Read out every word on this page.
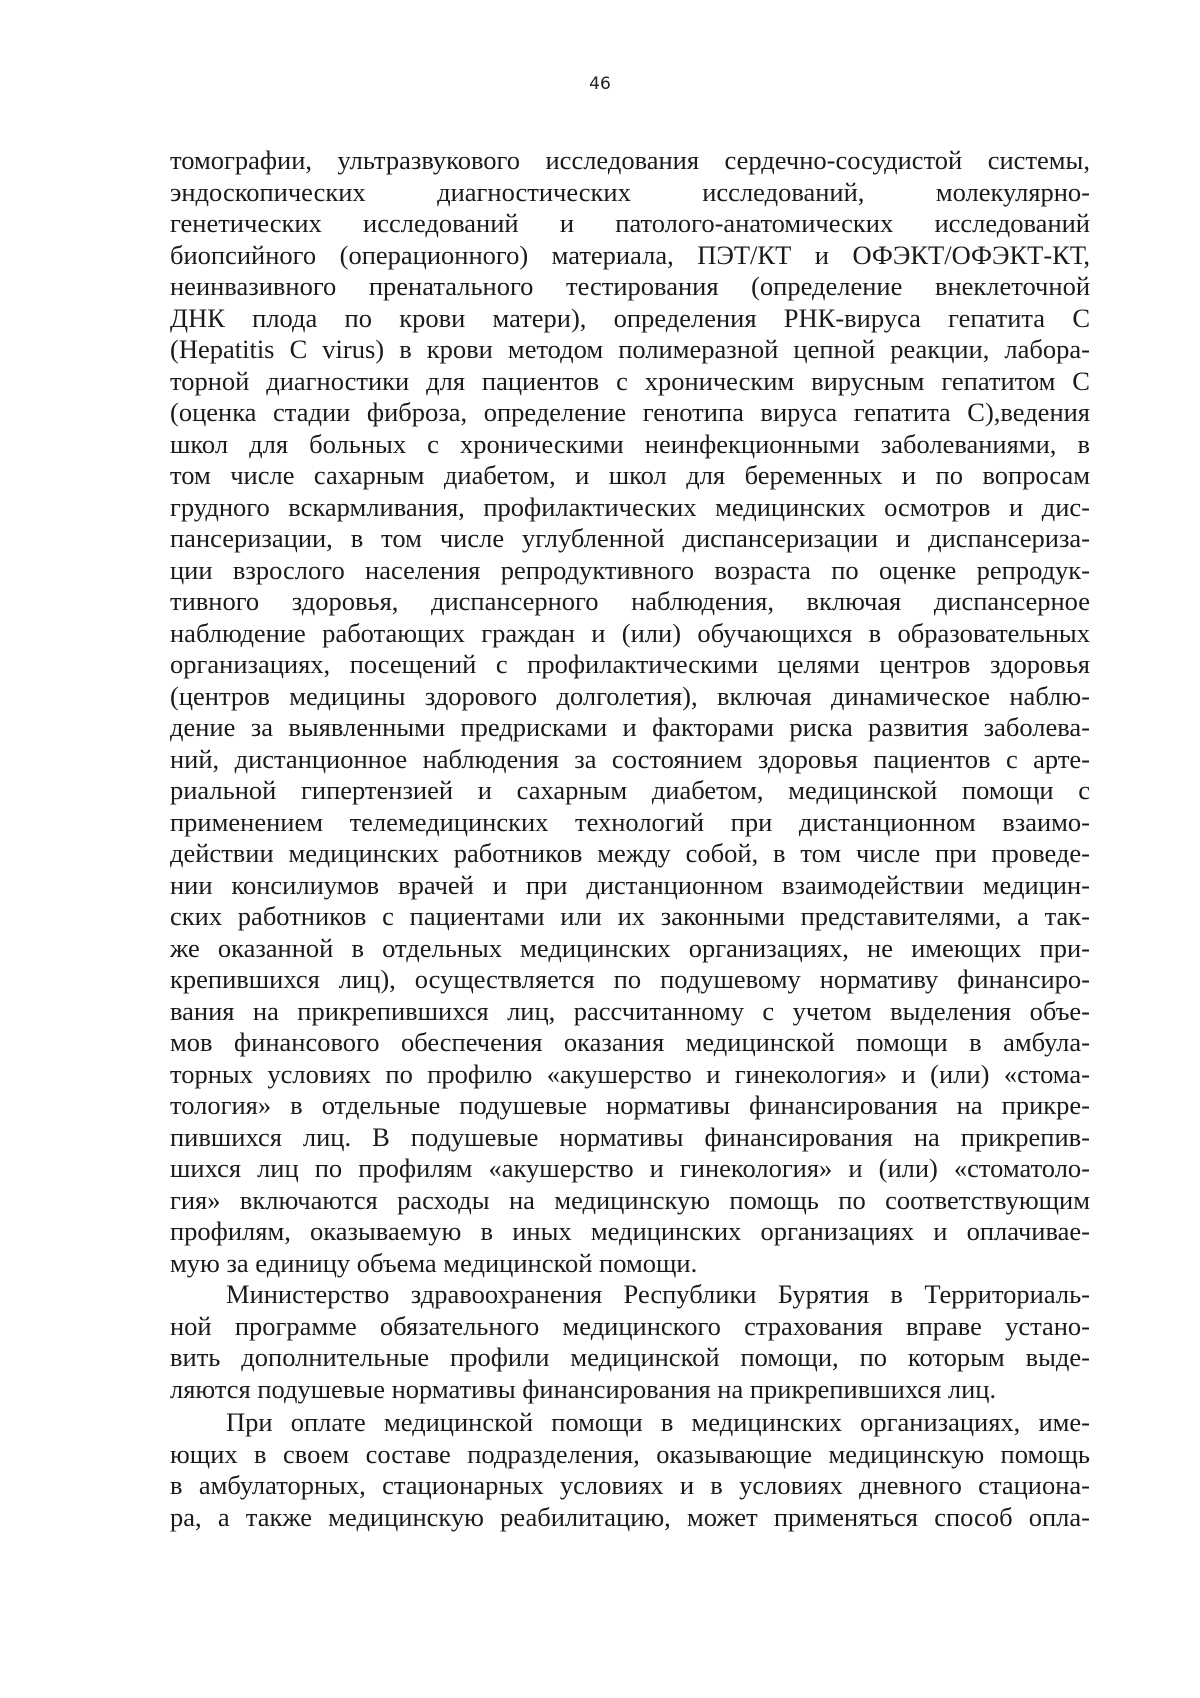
46
томографии, ультразвукового исследования сердечно-сосудистой системы,
эндоскопических диагностических исследований, молекулярно-
генетических исследований и патолого-анатомических исследований
биопсийного (операционного) материала, ПЭТ/КТ и ОФЭКТ/ОФЭКТ-КТ,
неинвазивного пренатального тестирования (определение внеклеточной
ДНК плода по крови матери), определения РНК-вируса гепатита С
(Hepatitis C virus) в крови методом полимеразной цепной реакции, лабора-
торной диагностики для пациентов с хроническим вирусным гепатитом С
(оценка стадии фиброза, определение генотипа вируса гепатита С),ведения
школ для больных с хроническими неинфекционными заболеваниями, в
том числе сахарным диабетом, и школ для беременных и по вопросам
грудного вскармливания, профилактических медицинских осмотров и дис-
пансеризации, в том числе углубленной диспансеризации и диспансериза-
ции взрослого населения репродуктивного возраста по оценке репродук-
тивного здоровья, диспансерного наблюдения, включая диспансерное
наблюдение работающих граждан и (или) обучающихся в образовательных
организациях, посещений с профилактическими целями центров здоровья
(центров медицины здорового долголетия), включая динамическое наблю-
дение за выявленными предрисками и факторами риска развития заболева-
ний, дистанционное наблюдения за состоянием здоровья пациентов с арте-
риальной гипертензией и сахарным диабетом, медицинской помощи с
применением телемедицинских технологий при дистанционном взаимо-
действии медицинских работников между собой, в том числе при проведе-
нии консилиумов врачей и при дистанционном взаимодействии медицин-
ских работников с пациентами или их законными представителями, а так-
же оказанной в отдельных медицинских организациях, не имеющих при-
крепившихся лиц), осуществляется по подушевому нормативу финансиро-
вания на прикрепившихся лиц, рассчитанному с учетом выделения объе-
мов финансового обеспечения оказания медицинской помощи в амбула-
торных условиях по профилю «акушерство и гинекология» и (или) «стома-
тология» в отдельные подушевые нормативы финансирования на прикре-
пившихся лиц. В подушевые нормативы финансирования на прикрепив-
шихся лиц по профилям «акушерство и гинекология» и (или) «стоматоло-
гия» включаются расходы на медицинскую помощь по соответствующим
профилям, оказываемую в иных медицинских организациях и оплачивае-
мую за единицу объема медицинской помощи.
Министерство здравоохранения Республики Бурятия в Территориаль-
ной программе обязательного медицинского страхования вправе устано-
вить дополнительные профили медицинской помощи, по которым выде-
ляются подушевые нормативы финансирования на прикрепившихся лиц.
При оплате медицинской помощи в медицинских организациях, име-
ющих в своем составе подразделения, оказывающие медицинскую помощь
в амбулаторных, стационарных условиях и в условиях дневного стациона-
ра, а также медицинскую реабилитацию, может применяться способ опла-
